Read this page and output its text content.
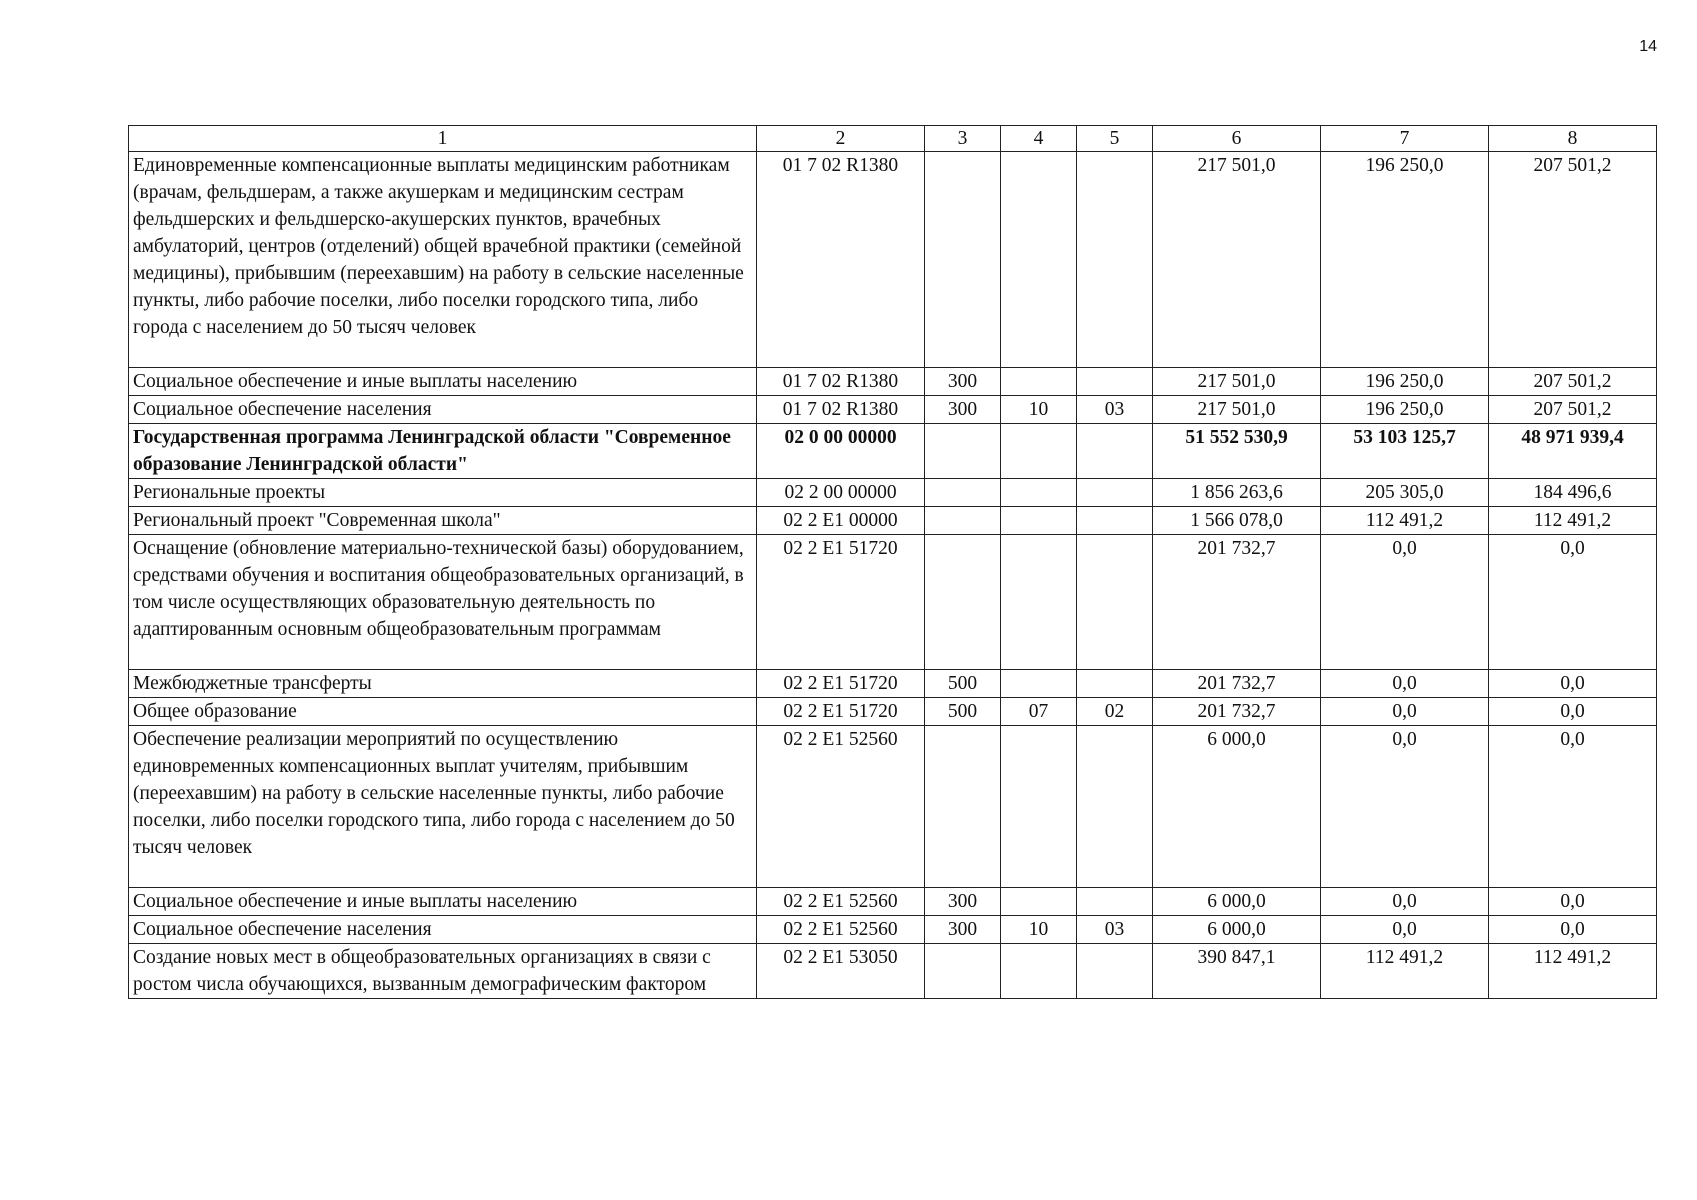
14
1	2	3	4	5	6	7	8
Единовременные компенсационные выплаты медицинским работникам (врачам, фельдшерам, а также акушеркам и медицинским сестрам фельдшерских и фельдшерско-акушерских пунктов, врачебных амбулаторий, центров (отделений) общей врачебной практики (семейной медицины), прибывшим (переехавшим) на работу в сельские населенные пункты, либо рабочие поселки, либо поселки городского типа, либо города с населением до 50 тысяч человек	01 7 02 R1380				217 501,0	196 250,0	207 501,2
Социальное обеспечение и иные выплаты населению	01 7 02 R1380	300			217 501,0	196 250,0	207 501,2
Социальное обеспечение населения	01 7 02 R1380	300	10	03	217 501,0	196 250,0	207 501,2
Государственная программа Ленинградской области "Современное образование Ленинградской области"	02 0 00 00000				51 552 530,9	53 103 125,7	48 971 939,4
Региональные проекты	02 2 00 00000				1 856 263,6	205 305,0	184 496,6
Региональный проект "Современная школа"	02 2 E1 00000				1 566 078,0	112 491,2	112 491,2
Оснащение (обновление материально-технической базы) оборудованием, средствами обучения и воспитания общеобразовательных организаций, в том числе осуществляющих образовательную деятельность по адаптированным основным общеобразовательным программам	02 2 E1 51720				201 732,7	0,0	0,0
Межбюджетные трансферты	02 2 E1 51720	500			201 732,7	0,0	0,0
Общее образование	02 2 E1 51720	500	07	02	201 732,7	0,0	0,0
Обеспечение реализации мероприятий по осуществлению единовременных компенсационных выплат учителям, прибывшим (переехавшим) на работу в сельские населенные пункты, либо рабочие поселки, либо поселки городского типа, либо города с населением до 50 тысяч человек	02 2 E1 52560				6 000,0	0,0	0,0
Социальное обеспечение и иные выплаты населению	02 2 E1 52560	300			6 000,0	0,0	0,0
Социальное обеспечение населения	02 2 E1 52560	300	10	03	6 000,0	0,0	0,0
Создание новых мест в общеобразовательных организациях в связи с ростом числа обучающихся, вызванным демографическим фактором	02 2 E1 53050				390 847,1	112 491,2	112 491,2
